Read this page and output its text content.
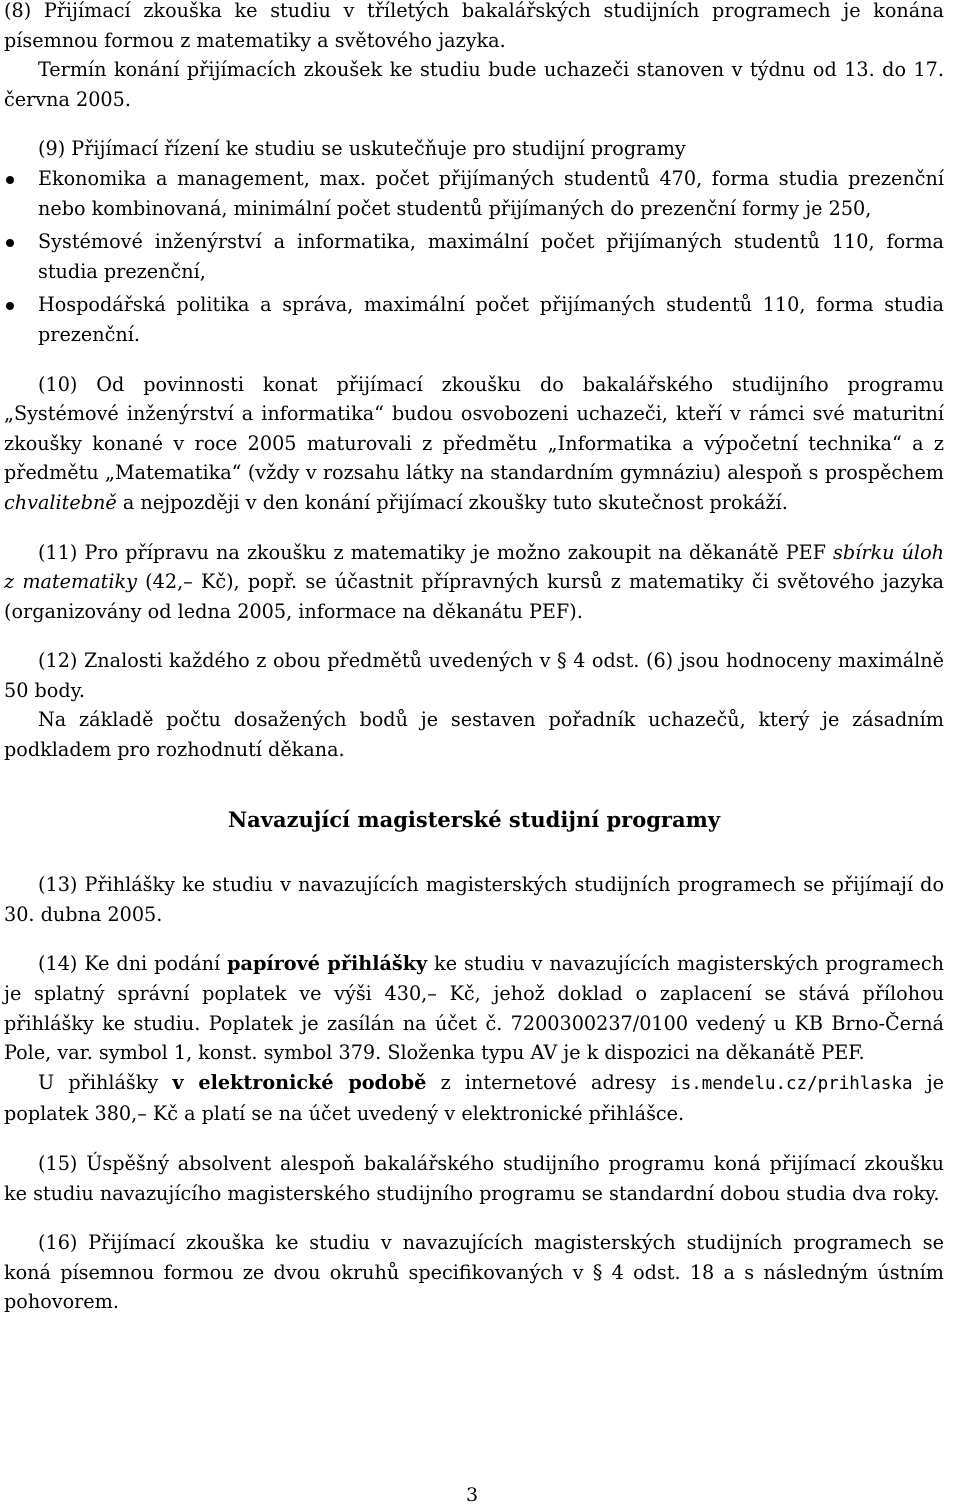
(8) Přijímací zkouška ke studiu v tříletých bakalářských studijních programech je konána písemnou formou z matematiky a světového jazyka.

Termín konání přijímacích zkoušek ke studiu bude uchazeči stanoven v týdnu od 13. do 17. června 2005.

(9) Přijímací řízení ke studiu se uskutečňuje pro studijní programy

Ekonomika a management, max. počet přijímaných studentů 470, forma studia prezenční nebo kombinovaná, minimální počet studentů přijímaných do prezenční formy je 250,
Systémové inženýrství a informatika, maximální počet přijímaných studentů 110, forma studia prezenční,
Hospodářská politika a správa, maximální počet přijímaných studentů 110, forma studia prezenční.

(10) Od povinnosti konat přijímací zkoušku do bakalářského studijního programu „Systémové inženýrství a informatika“ budou osvobozeni uchazeči, kteří v rámci své maturitní zkoušky konané v roce 2005 maturovali z předmětu „Informatika a výpočetní technika“ a z předmětu „Matematika“ (vždy v rozsahu látky na standardním gymnáziu) alespoň s prospěchem chvalitebně a nejpozději v den konání přijímací zkoušky tuto skutečnost prokáží.

(11) Pro přípravu na zkoušku z matematiky je možno zakoupit na děkanátě PEF sbírku úloh z matematiky (42,– Kč), popř. se účastnit přípravných kursů z matematiky či světového jazyka (organizovány od ledna 2005, informace na děkanátu PEF).

(12) Znalosti každého z obou předmětů uvedených v § 4 odst. (6) jsou hodnoceny maximálně 50 body.

Na základě počtu dosažených bodů je sestaven pořadník uchazečů, který je zásadním podkladem pro rozhodnutí děkana.

Navazující magisterské studijní programy

(13) Přihlášky ke studiu v navazujících magisterských studijních programech se přijímají do 30. dubna 2005.

(14) Ke dni podání papírové přihlášky ke studiu v navazujících magisterských programech je splatný správní poplatek ve výši 430,– Kč, jehož doklad o zaplacení se stává přílohou přihlášky ke studiu. Poplatek je zasílán na účet č. 7200300237/0100 vedený u KB Brno-Černá Pole, var. symbol 1, konst. symbol 379. Složenka typu AV je k dispozici na děkanátě PEF.

U přihlášky v elektronické podobě z internetové adresy is.mendelu.cz/prihlaska je poplatek 380,– Kč a platí se na účet uvedený v elektronické přihlášce.

(15) Úspěšný absolvent alespoň bakalářského studijního programu koná přijímací zkoušku ke studiu navazujícího magisterského studijního programu se standardní dobou studia dva roky.

(16) Přijímací zkouška ke studiu v navazujících magisterských studijních programech se koná písemnou formou ze dvou okruhů specifikovaných v § 4 odst. 18 a s následným ústním pohovorem.

3
